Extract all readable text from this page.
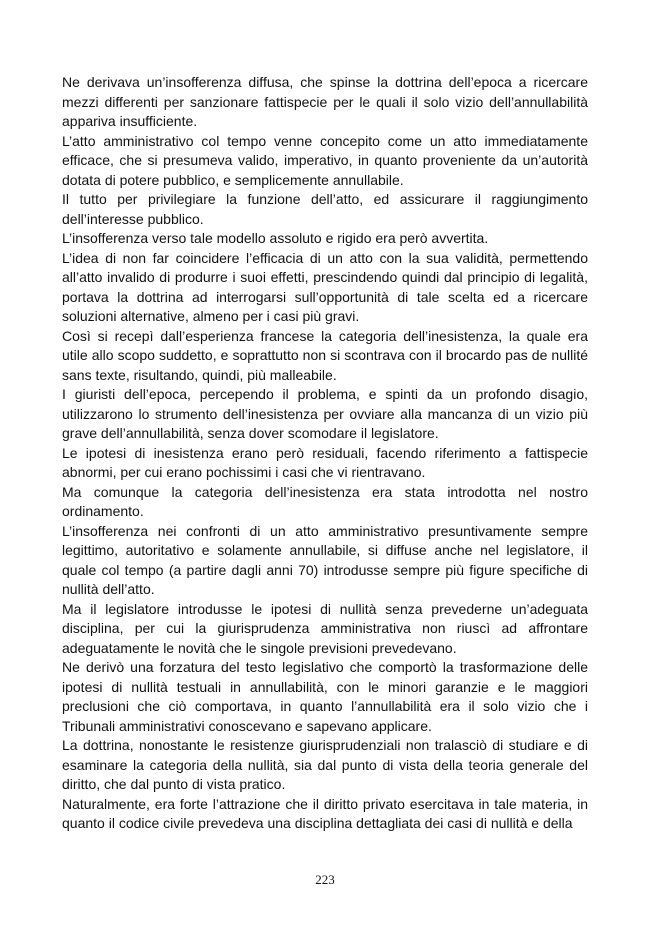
Ne derivava un’insofferenza diffusa, che spinse la dottrina dell’epoca a ricercare mezzi differenti per sanzionare fattispecie per le quali il solo vizio dell’annullabilità appariva insufficiente.

L’atto amministrativo col tempo venne concepito come un atto immediatamente efficace, che si presumeva valido, imperativo, in quanto proveniente da un’autorità dotata di potere pubblico, e semplicemente annullabile.

Il tutto per privilegiare la funzione dell’atto, ed assicurare il raggiungimento dell’interesse pubblico.

L’insofferenza verso tale modello assoluto e rigido era però avvertita.

L’idea di non far coincidere l’efficacia di un atto con la sua validità, permettendo all’atto invalido di produrre i suoi effetti, prescindendo quindi dal principio di legalità, portava la dottrina ad interrogarsi sull’opportunità di tale scelta ed a ricercare soluzioni alternative, almeno per i casi più gravi.

Così si recepì dall’esperienza francese la categoria dell’inesistenza, la quale era utile allo scopo suddetto, e soprattutto non si scontrava con il brocardo pas de nullité sans texte, risultando, quindi, più malleabile.

I giuristi dell’epoca, percependo il problema, e spinti da un profondo disagio, utilizzarono lo strumento dell’inesistenza per ovviare alla mancanza di un vizio più grave dell’annullabilità, senza dover scomodare il legislatore.

Le ipotesi di inesistenza erano però residuali, facendo riferimento a fattispecie abnormi, per cui erano pochissimi i casi che vi rientravano.

Ma comunque la categoria dell’inesistenza era stata introdotta nel nostro ordinamento.

L’insofferenza nei confronti di un atto amministrativo presuntivamente sempre legittimo, autoritativo e solamente annullabile, si diffuse anche nel legislatore, il quale col tempo (a partire dagli anni 70) introdusse sempre più figure specifiche di nullità dell’atto.

Ma il legislatore introdusse le ipotesi di nullità senza prevederne un’adeguata disciplina, per cui la giurisprudenza amministrativa non riuscì ad affrontare adeguatamente le novità che le singole previsioni prevedevano.

Ne derivò una forzatura del testo legislativo che comportò la trasformazione delle ipotesi di nullità testuali in annullabilità, con le minori garanzie e le maggiori preclusioni che ciò comportava, in quanto l’annullabilità era il solo vizio che i Tribunali amministrativi conoscevano e sapevano applicare.

La dottrina, nonostante le resistenze giurisprudenziali non tralasciò di studiare e di esaminare la categoria della nullità, sia dal punto di vista della teoria generale del diritto, che dal punto di vista pratico.

Naturalmente, era forte l’attrazione che il diritto privato esercitava in tale materia, in quanto il codice civile prevedeva una disciplina dettagliata dei casi di nullità e della

223
